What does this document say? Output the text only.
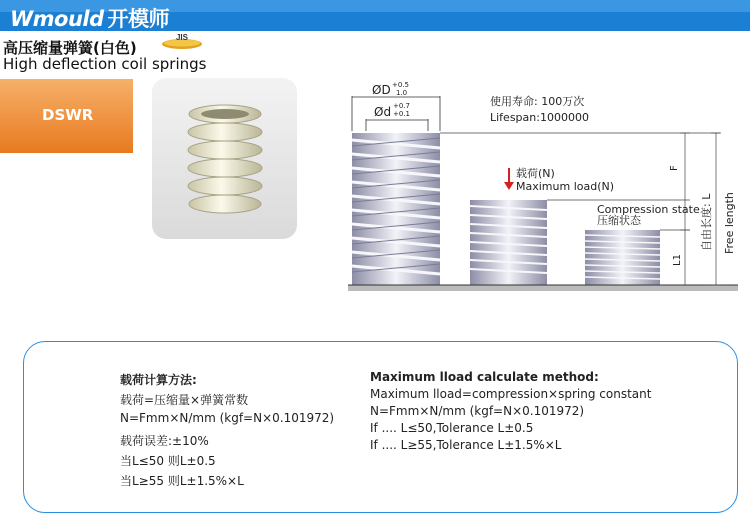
Wmould 开模师
高压缩量弹簧(白色)
High deflection coil springs
JIS
DSWR
ØD +0.5
1.0
Ød +0.7
+0.1
使用寿命: 100万次
Lifespan:1000000
载荷(N)
Maximum load(N)
Compression state
压缩状态
F
L1
自由长度: L Free length
载荷计算方法:
载荷=压缩量×弹簧常数
N=Fmm×N/mm (kgf=N×0.101972)
载荷误差:±10%
当L≤50 则L±0.5
当L≥55 则L±1.5%×L
Maximum lload calculate method:
Maximum lload=compression×spring constant
N=Fmm×N/mm (kgf=N×0.101972)
If .... L≤50,Tolerance L±0.5
If .... L≥55,Tolerance L±1.5%×L
